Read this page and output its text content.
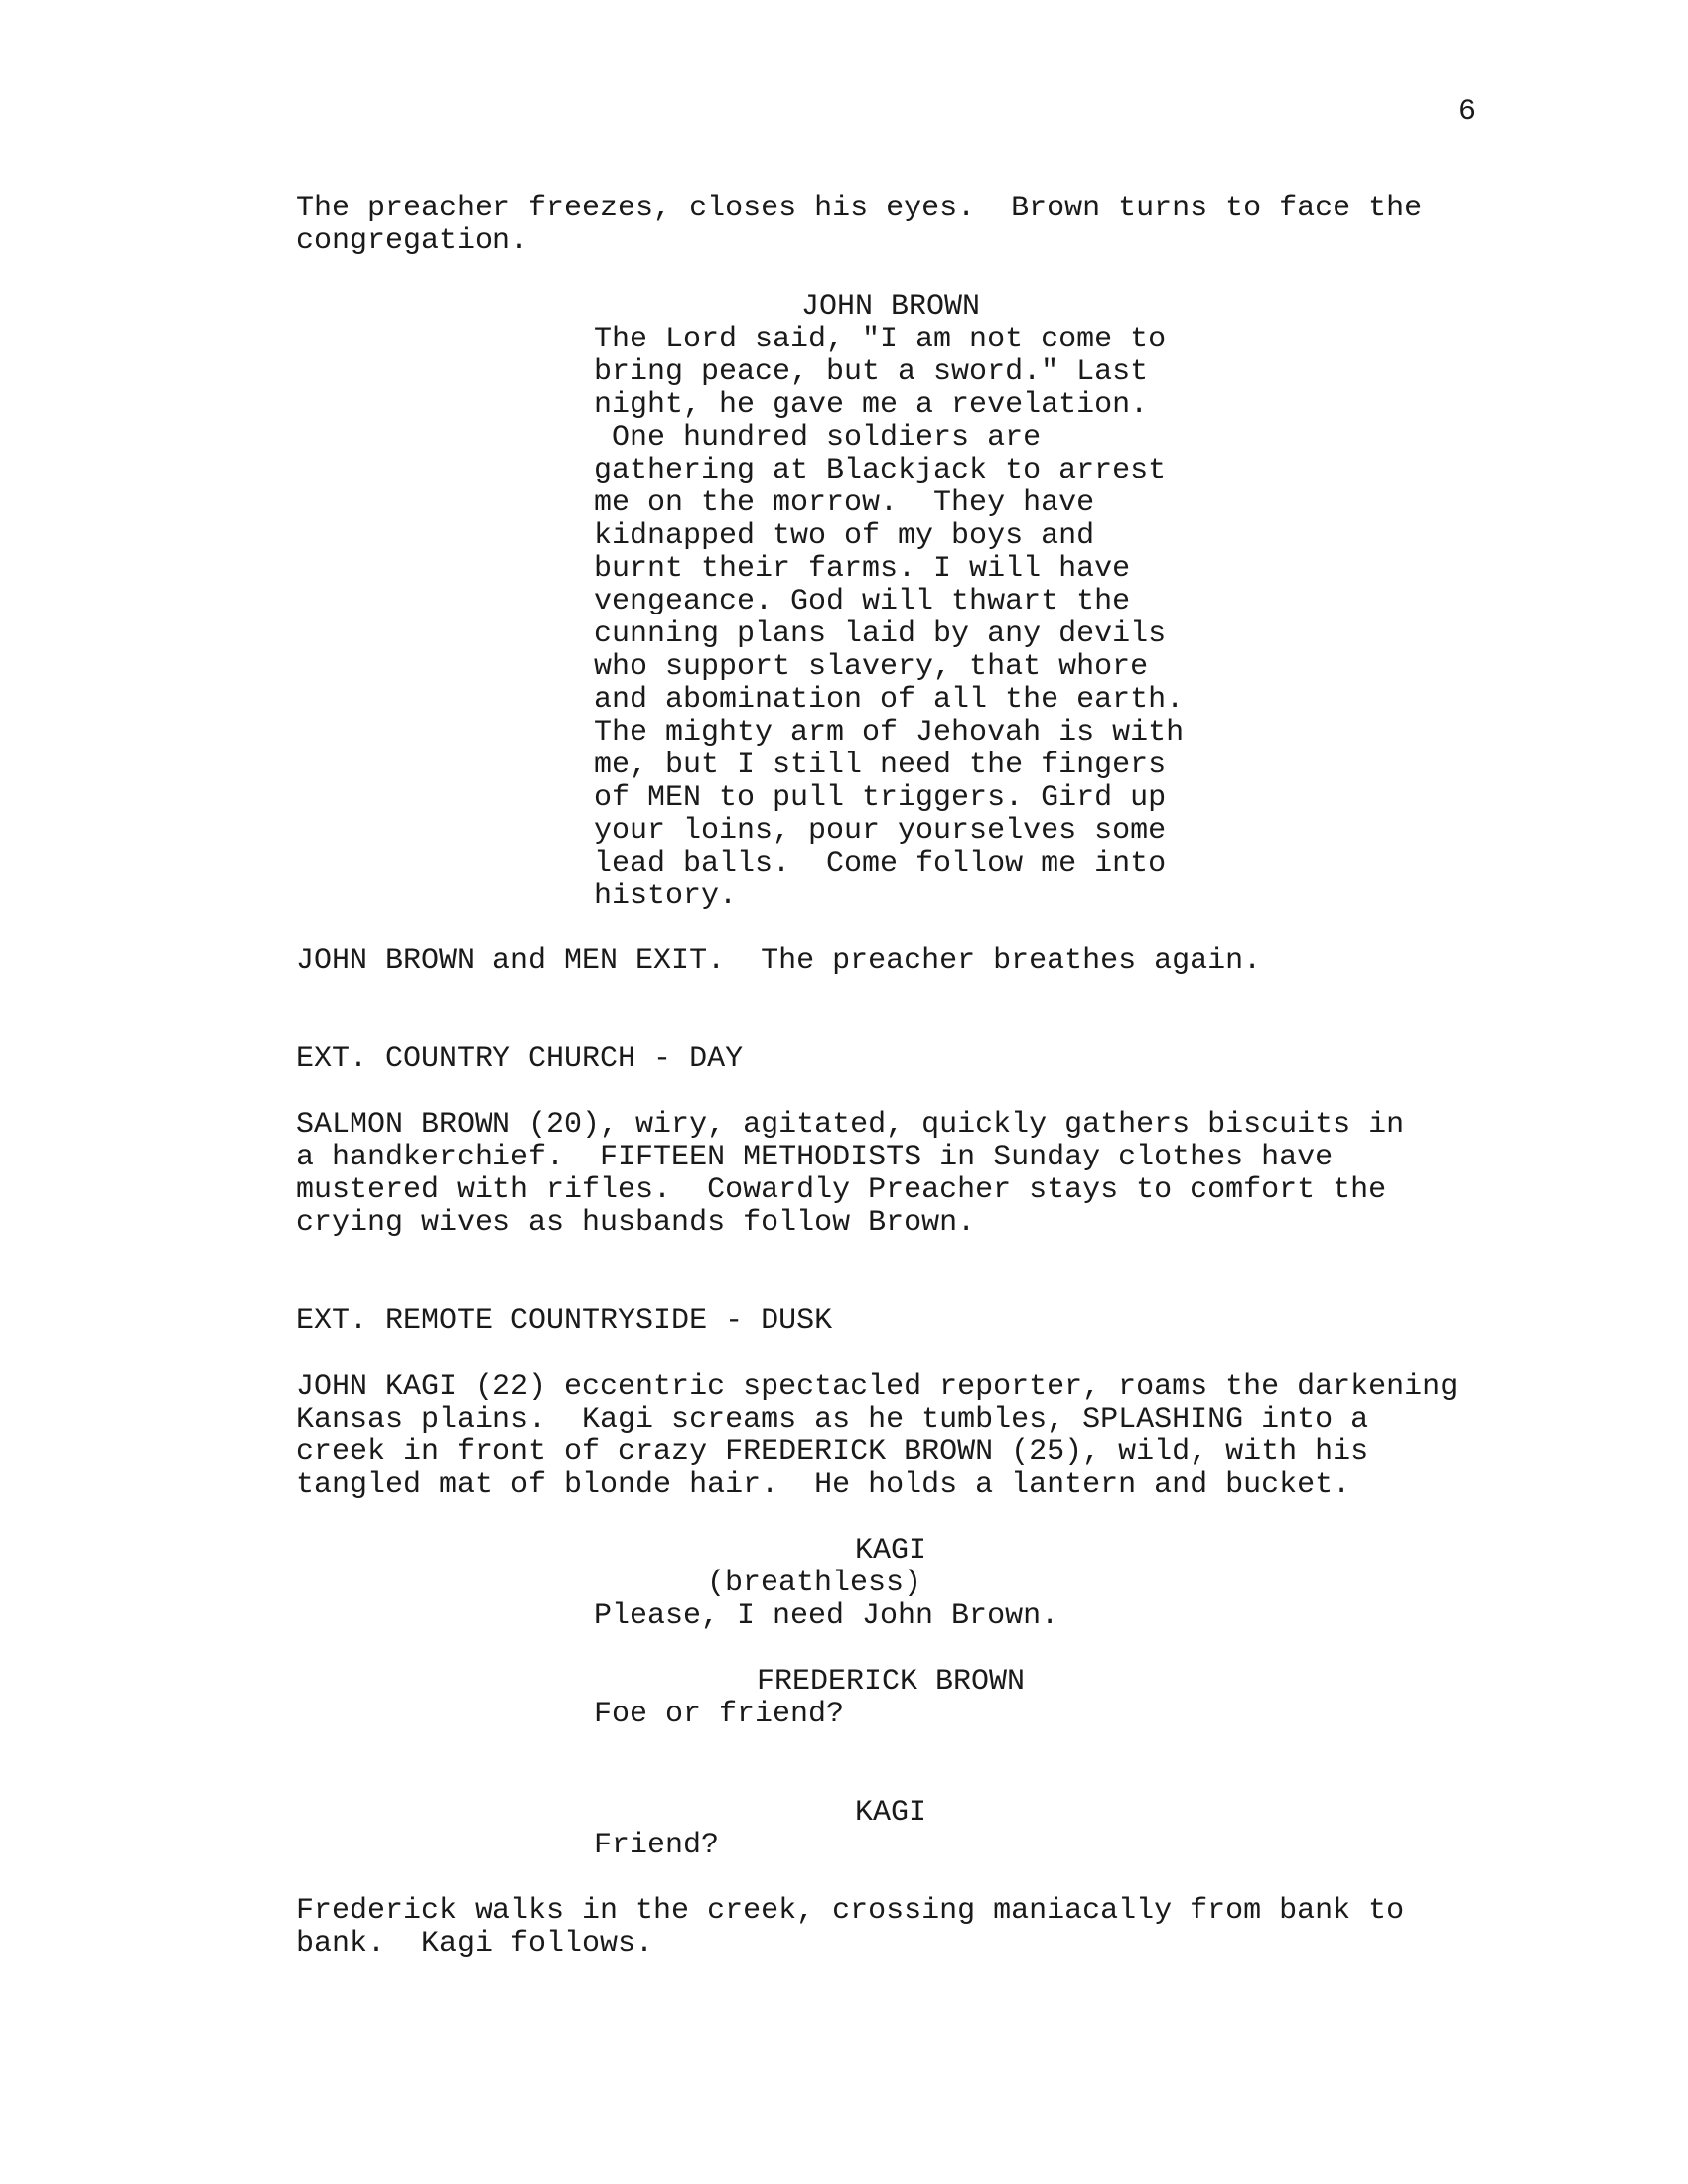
6
The preacher freezes, closes his eyes.  Brown turns to face the
congregation.
JOHN BROWN
The Lord said, "I am not come to
bring peace, but a sword." Last
night, he gave me a revelation.
One hundred soldiers are
gathering at Blackjack to arrest
me on the morrow.  They have
kidnapped two of my boys and
burnt their farms. I will have
vengeance. God will thwart the
cunning plans laid by any devils
who support slavery, that whore
and abomination of all the earth.
The mighty arm of Jehovah is with
me, but I still need the fingers
of MEN to pull triggers. Gird up
your loins, pour yourselves some
lead balls.  Come follow me into
history.
JOHN BROWN and MEN EXIT.  The preacher breathes again.
EXT. COUNTRY CHURCH - DAY
SALMON BROWN (20), wiry, agitated, quickly gathers biscuits in
a handkerchief.  FIFTEEN METHODISTS in Sunday clothes have
mustered with rifles.  Cowardly Preacher stays to comfort the
crying wives as husbands follow Brown.
EXT. REMOTE COUNTRYSIDE - DUSK
JOHN KAGI (22) eccentric spectacled reporter, roams the darkening
Kansas plains.  Kagi screams as he tumbles, SPLASHING into a
creek in front of crazy FREDERICK BROWN (25), wild, with his
tangled mat of blonde hair.  He holds a lantern and bucket.
KAGI
(breathless)
Please, I need John Brown.
FREDERICK BROWN
Foe or friend?
KAGI
Friend?
Frederick walks in the creek, crossing maniacally from bank to
bank.  Kagi follows.
